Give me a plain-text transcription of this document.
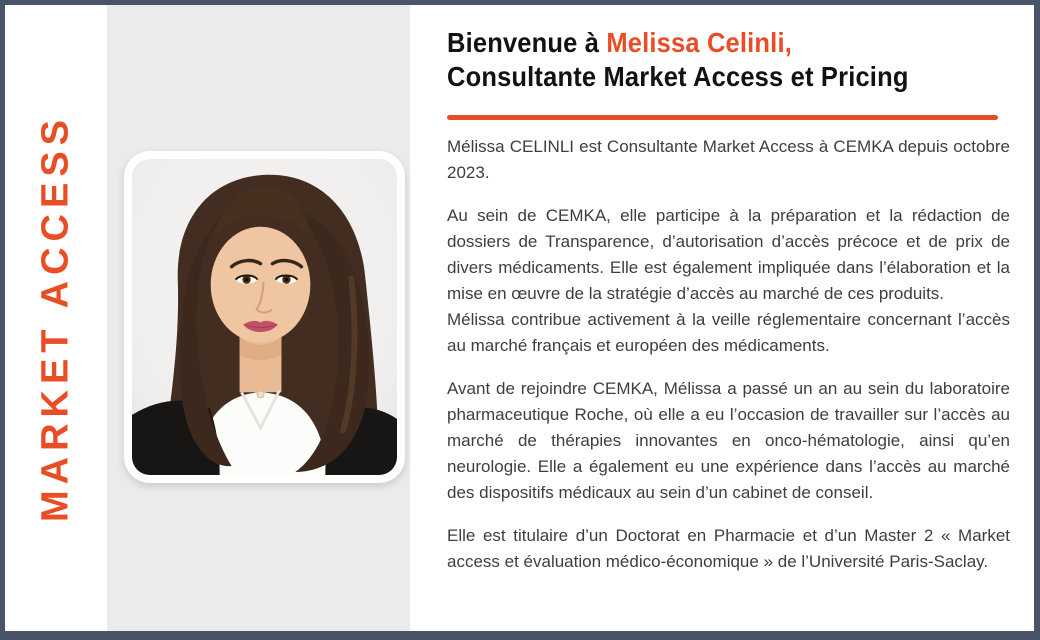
MARKET ACCESS
Bienvenue à Melissa Celinli,
Consultante Market Access et Pricing

Mélissa CELINLI est Consultante Market Access à CEMKA depuis octobre 2023.

Au sein de CEMKA, elle participe à la préparation et la rédaction de dossiers de Transparence, d’autorisation d’accès précoce et de prix de divers médicaments. Elle est également impliquée dans l’élaboration et la mise en œuvre de la stratégie d’accès au marché de ces produits.
Mélissa contribue activement à la veille réglementaire concernant l’accès au marché français et européen des médicaments.

Avant de rejoindre CEMKA, Mélissa a passé un an au sein du laboratoire pharmaceutique Roche, où elle a eu l’occasion de travailler sur l’accès au marché de thérapies innovantes en onco-hématologie, ainsi qu’en neurologie. Elle a également eu une expérience dans l’accès au marché des dispositifs médicaux au sein d’un cabinet de conseil.

Elle est titulaire d’un Doctorat en Pharmacie et d’un Master 2 « Market access et évaluation médico-économique » de l’Université Paris-Saclay.
